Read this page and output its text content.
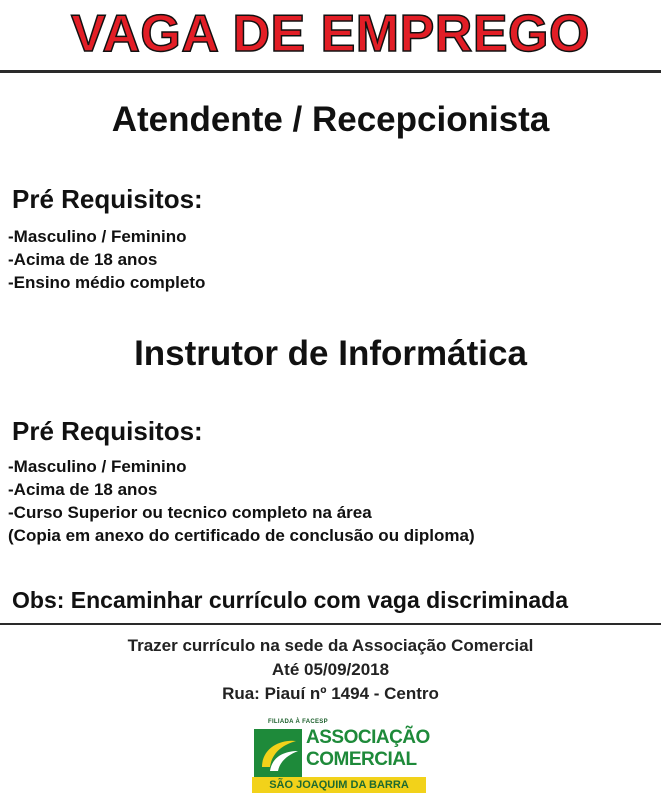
VAGA DE EMPREGO
Atendente / Recepcionista
Pré Requisitos:
-Masculino / Feminino
-Acima de 18 anos
-Ensino médio completo
Instrutor de Informática
Pré Requisitos:
-Masculino / Feminino
-Acima de 18 anos
-Curso Superior ou tecnico completo na área
(Copia em anexo do certificado de conclusão ou diploma)
Obs: Encaminhar currículo com vaga discriminada
Trazer currículo na sede da Associação Comercial
Até 05/09/2018
Rua: Piauí nº 1494 - Centro
FILIADA À FACESP
ASSOCIAÇÃO
COMERCIAL
SÃO JOAQUIM DA BARRA
